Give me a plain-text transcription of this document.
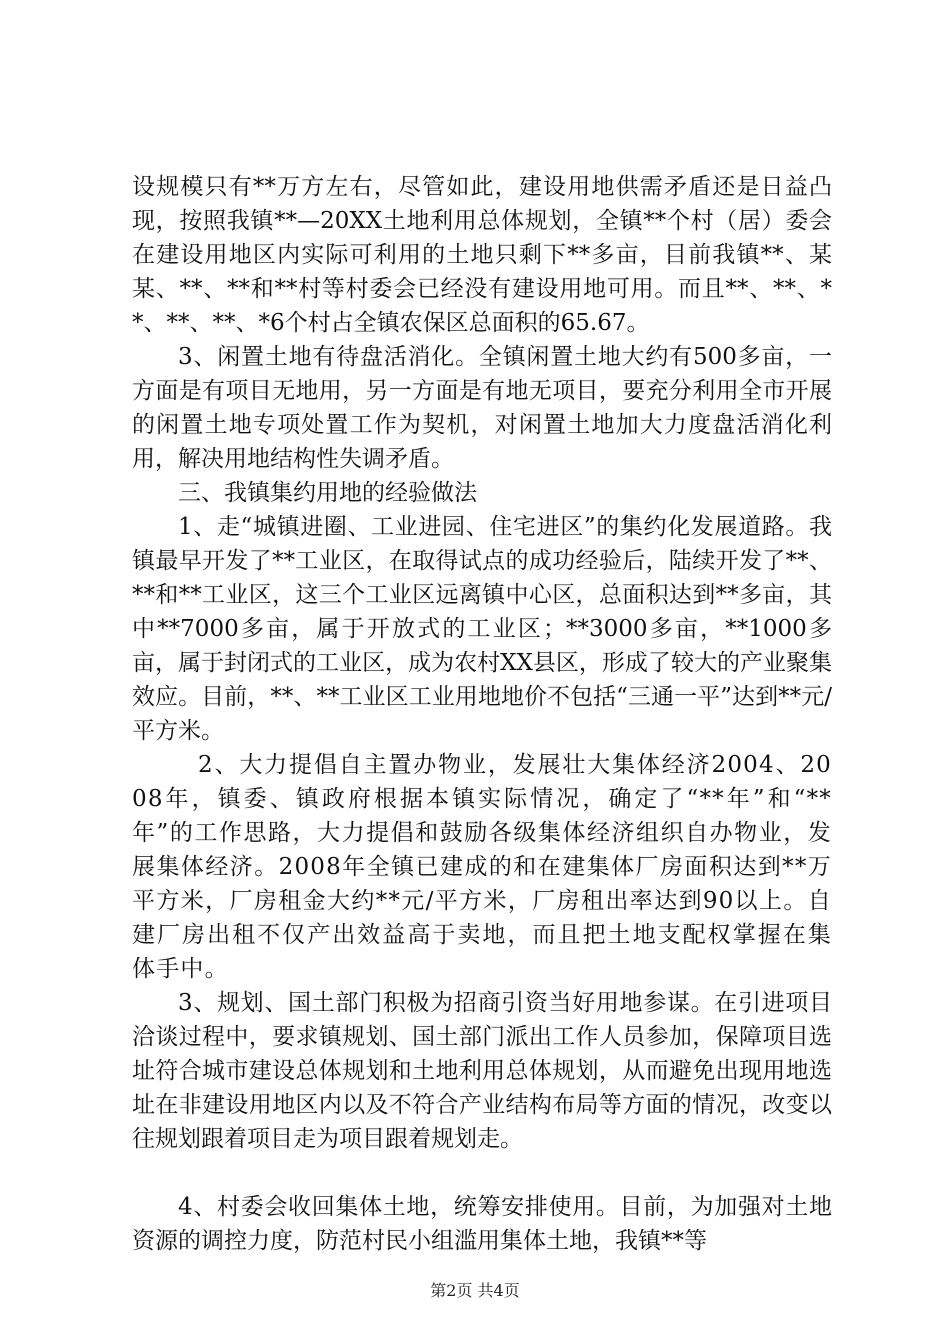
设规模只有**万方左右，尽管如此，建设用地供需矛盾还是日益凸现，按照我镇**—20XX土地利用总体规划，全镇**个村（居）委会在建设用地区内实际可利用的土地只剩下**多亩，目前我镇**、某某、**、**和**村等村委会已经没有建设用地可用。而且**、**、**、**、**、*6个村占全镇农保区总面积的65.67。

3、闲置土地有待盘活消化。全镇闲置土地大约有500多亩，一方面是有项目无地用，另一方面是有地无项目，要充分利用全市开展的闲置土地专项处置工作为契机，对闲置土地加大力度盘活消化利用，解决用地结构性失调矛盾。

三、我镇集约用地的经验做法

1、走“城镇进圈、工业进园、住宅进区”的集约化发展道路。我镇最早开发了**工业区，在取得试点的成功经验后，陆续开发了**、**和**工业区，这三个工业区远离镇中心区，总面积达到**多亩，其中**7000多亩，属于开放式的工业区；**3000多亩，**1000多亩，属于封闭式的工业区，成为农村XX县区，形成了较大的产业聚集效应。目前，**、**工业区工业用地地价不包括“三通一平”达到**元/平方米。

2、大力提倡自主置办物业，发展壮大集体经济2004、2008年，镇委、镇政府根据本镇实际情况，确定了“**年”和“**年”的工作思路，大力提倡和鼓励各级集体经济组织自办物业，发展集体经济。2008年全镇已建成的和在建集体厂房面积达到**万平方米，厂房租金大约**元/平方米，厂房租出率达到90以上。自建厂房出租不仅产出效益高于卖地，而且把土地支配权掌握在集体手中。

3、规划、国土部门积极为招商引资当好用地参谋。在引进项目洽谈过程中，要求镇规划、国土部门派出工作人员参加，保障项目选址符合城市建设总体规划和土地利用总体规划，从而避免出现用地选址在非建设用地区内以及不符合产业结构布局等方面的情况，改变以往规划跟着项目走为项目跟着规划走。

4、村委会收回集体土地，统筹安排使用。目前，为加强对土地资源的调控力度，防范村民小组滥用集体土地，我镇**等

第2页 共4页
